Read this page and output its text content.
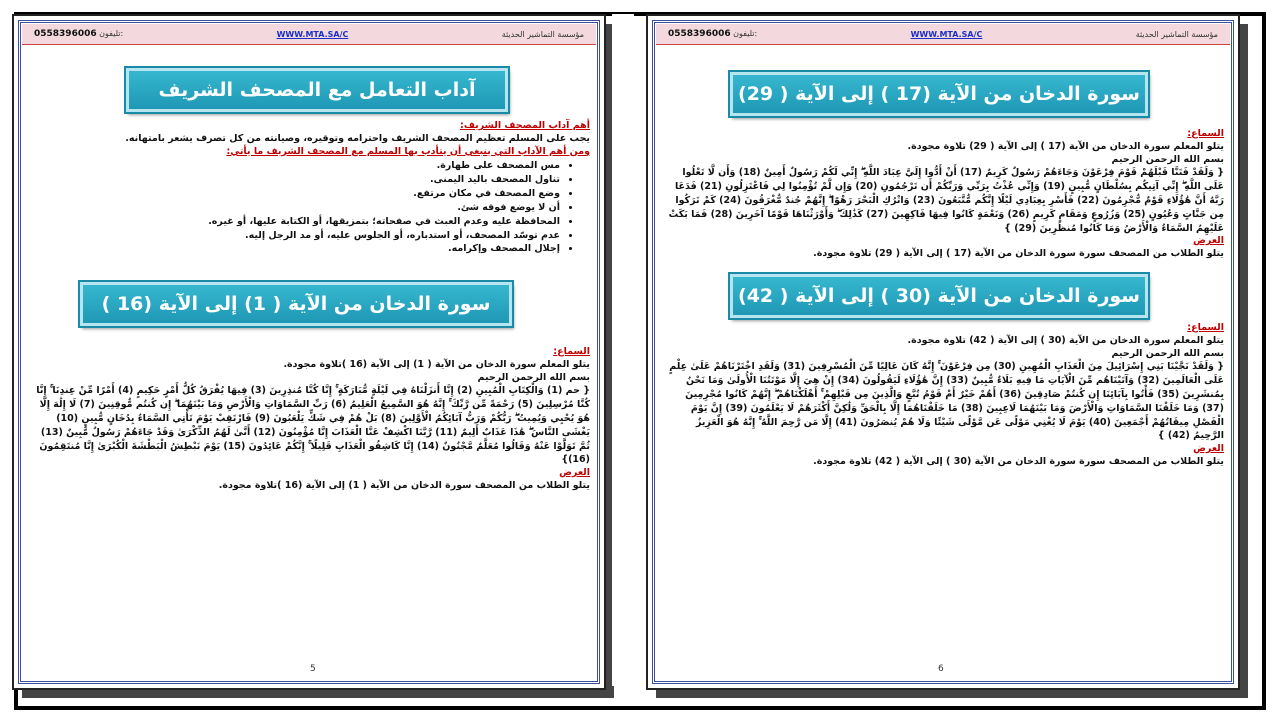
0558396006 تليفون:	WWW.MTA.SA/C	مؤسسة التماشير الحديثة
آداب التعامل مع المصحف الشريف
أهم آداب المصحف الشريف:
يجب على المسلم تعظيم المصحف الشريف واحترامه وتوقيره، وصيانته من كل تصرف يشعر بامتهانه.
ومن أهم الآداب التي ينبغي أن يتأدب بها المسلم مع المصحف الشريف ما يأتي:
• مس المصحف على طهارة.
• تناول المصحف باليد اليمنى.
• وضع المصحف في مكان مرتفع.
• أن لا يوضع فوقه شئ.
• المحافظة عليه وعدم العبث في صفحاته؛ بتمزيقها، أو الكتابة عليها، أو غيره.
• عدم توسّد المصحف، أو استدباره، أو الجلوس عليه، أو مد الرجل إليه.
• إجلال المصحف وإكرامه.
سورة الدخان من الآية ( 1) إلى الآية (16 )
السماع:
يتلو المعلم سورة الدخان من الآية ( 1) إلى الآية (16 )تلاوة مجودة.
بسم الله الرحمن الرحيم
{ حم (1) وَالْكِتَابِ الْمُبِينِ (2) إِنَّا أَنزَلْنَاهُ فِي لَيْلَةٍ مُّبَارَكَةٍ ۚ إِنَّا كُنَّا مُنذِرِينَ (3) فِيهَا يُفْرَقُ كُلُّ أَمْرٍ حَكِيمٍ (4) أَمْرًا مِّنْ عِندِنَا ۚ إِنَّا كُنَّا مُرْسِلِينَ (5) رَحْمَةً مِّن رَّبِّكَ ۚ إِنَّهُ هُوَ السَّمِيعُ الْعَلِيمُ (6) رَبِّ السَّمَاوَاتِ وَالْأَرْضِ وَمَا بَيْنَهُمَا ۖ إِن كُنتُم مُّوقِنِينَ (7) لَا إِلَٰهَ إِلَّا هُوَ يُحْيِي وَيُمِيتُ ۖ رَبُّكُمْ وَرَبُّ آبَائِكُمُ الْأَوَّلِينَ (8) بَلْ هُمْ فِي شَكٍّ يَلْعَبُونَ (9) فَارْتَقِبْ يَوْمَ تَأْتِي السَّمَاءُ بِدُخَانٍ مُّبِينٍ (10) يَغْشَى النَّاسَ ۖ هَٰذَا عَذَابٌ أَلِيمٌ (11) رَّبَّنَا اكْشِفْ عَنَّا الْعَذَابَ إِنَّا مُؤْمِنُونَ (12) أَنَّىٰ لَهُمُ الذِّكْرَىٰ وَقَدْ جَاءَهُمْ رَسُولٌ مُّبِينٌ (13) ثُمَّ تَوَلَّوْا عَنْهُ وَقَالُوا مُعَلَّمٌ مَّجْنُونٌ (14) إِنَّا كَاشِفُو الْعَذَابِ قَلِيلًا ۚ إِنَّكُمْ عَائِدُونَ (15) يَوْمَ نَبْطِشُ الْبَطْشَةَ الْكُبْرَىٰ إِنَّا مُنتَقِمُونَ (16)}
العرض
يتلو الطلاب من المصحف سورة الدخان من الآية ( 1) إلى الآية (16 )تلاوة مجودة.
5
0558396006 تليفون:	WWW.MTA.SA/C	مؤسسة التماشير الحديثة
سورة الدخان من الآية (17 ) إلى الآية ( 29)
السماع:
يتلو المعلم سورة الدخان من الآية (17 ) إلى الآية ( 29) تلاوة مجودة.
بسم الله الرحمن الرحيم
{ وَلَقَدْ فَتَنَّا قَبْلَهُمْ قَوْمَ فِرْعَوْنَ وَجَاءَهُمْ رَسُولٌ كَرِيمٌ (17) أَنْ أَدُّوا إِلَيَّ عِبَادَ اللَّهِ ۖ إِنِّي لَكُمْ رَسُولٌ أَمِينٌ (18) وَأَن لَّا تَعْلُوا عَلَى اللَّهِ ۖ إِنِّي آتِيكُم بِسُلْطَانٍ مُّبِينٍ (19) وَإِنِّي عُذْتُ بِرَبِّي وَرَبِّكُمْ أَن تَرْجُمُونِ (20) وَإِن لَّمْ تُؤْمِنُوا لِي فَاعْتَزِلُونِ (21) فَدَعَا رَبَّهُ أَنَّ هَٰؤُلَاءِ قَوْمٌ مُّجْرِمُونَ (22) فَأَسْرِ بِعِبَادِي لَيْلًا إِنَّكُم مُّتَّبَعُونَ (23) وَاتْرُكِ الْبَحْرَ رَهْوًا ۖ إِنَّهُمْ جُندٌ مُّغْرَقُونَ (24) كَمْ تَرَكُوا مِن جَنَّاتٍ وَعُيُونٍ (25) وَزُرُوعٍ وَمَقَامٍ كَرِيمٍ (26) وَنَعْمَةٍ كَانُوا فِيهَا فَاكِهِينَ (27) كَذَٰلِكَ ۖ وَأَوْرَثْنَاهَا قَوْمًا آخَرِينَ (28) فَمَا بَكَتْ عَلَيْهِمُ السَّمَاءُ وَالْأَرْضُ وَمَا كَانُوا مُنظَرِينَ (29) }
العرض
يتلو الطلاب من المصحف سورة سورة الدخان من الآية (17 ) إلى الآية ( 29) تلاوة مجودة.
سورة الدخان من الآية (30 ) إلى الآية ( 42)
السماع:
يتلو المعلم سورة الدخان من الآية (30 ) إلى الآية ( 42) تلاوة مجودة.
بسم الله الرحمن الرحيم
{ وَلَقَدْ نَجَّيْنَا بَنِي إِسْرَائِيلَ مِنَ الْعَذَابِ الْمُهِينِ (30) مِن فِرْعَوْنَ ۚ إِنَّهُ كَانَ عَالِيًا مِّنَ الْمُسْرِفِينَ (31) وَلَقَدِ اخْتَرْنَاهُمْ عَلَىٰ عِلْمٍ عَلَى الْعَالَمِينَ (32) وَآتَيْنَاهُم مِّنَ الْآيَاتِ مَا فِيهِ بَلَاءٌ مُّبِينٌ (33) إِنَّ هَٰؤُلَاءِ لَيَقُولُونَ (34) إِنْ هِيَ إِلَّا مَوْتَتُنَا الْأُولَىٰ وَمَا نَحْنُ بِمُنشَرِينَ (35) فَأْتُوا بِآبَائِنَا إِن كُنتُمْ صَادِقِينَ (36) أَهُمْ خَيْرٌ أَمْ قَوْمُ تُبَّعٍ وَالَّذِينَ مِن قَبْلِهِمْ ۚ أَهْلَكْنَاهُمْ ۖ إِنَّهُمْ كَانُوا مُجْرِمِينَ (37) وَمَا خَلَقْنَا السَّمَاوَاتِ وَالْأَرْضَ وَمَا بَيْنَهُمَا لَاعِبِينَ (38) مَا خَلَقْنَاهُمَا إِلَّا بِالْحَقِّ وَلَٰكِنَّ أَكْثَرَهُمْ لَا يَعْلَمُونَ (39) إِنَّ يَوْمَ الْفَصْلِ مِيقَاتُهُمْ أَجْمَعِينَ (40) يَوْمَ لَا يُغْنِي مَوْلًى عَن مَّوْلًى شَيْئًا وَلَا هُمْ يُنصَرُونَ (41) إِلَّا مَن رَّحِمَ اللَّهُ ۚ إِنَّهُ هُوَ الْعَزِيزُ الرَّحِيمُ (42) }
العرض
يتلو الطلاب من المصحف سورة سورة الدخان من الآية (30 ) إلى الآية ( 42) تلاوة مجودة.
6
